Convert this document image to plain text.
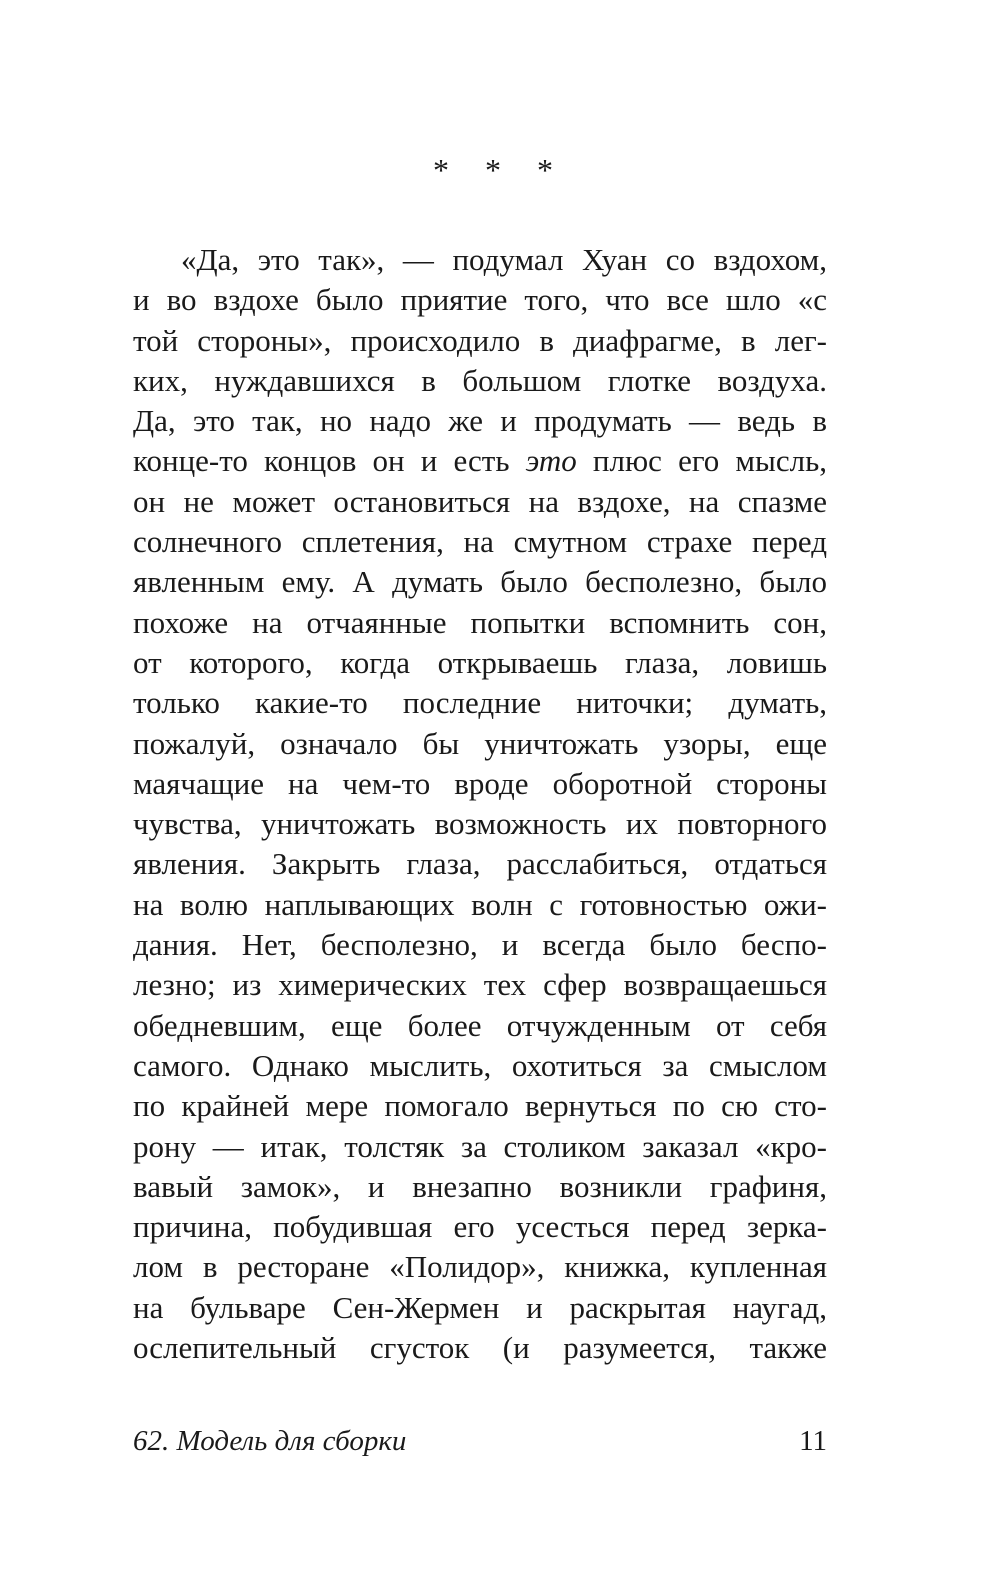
* * *
«Да, это так», — подумал Хуан со вздохом,
и во вздохе было приятие того, что все шло «с
той стороны», происходило в диафрагме, в лег-
ких, нуждавшихся в большом глотке воздуха.
Да, это так, но надо же и продумать — ведь в
конце-то концов он и есть это плюс его мысль,
он не может остановиться на вздохе, на спазме
солнечного сплетения, на смутном страхе перед
явленным ему. А думать было бесполезно, было
похоже на отчаянные попытки вспомнить сон,
от которого, когда открываешь глаза, ловишь
только какие-то последние ниточки; думать,
пожалуй, означало бы уничтожать узоры, еще
маячащие на чем-то вроде оборотной стороны
чувства, уничтожать возможность их повторного
явления. Закрыть глаза, расслабиться, отдаться
на волю наплывающих волн с готовностью ожи-
дания. Нет, бесполезно, и всегда было беспо-
лезно; из химерических тех сфер возвращаешься
обедневшим, еще более отчужденным от себя
самого. Однако мыслить, охотиться за смыслом
по крайней мере помогало вернуться по сю сто-
рону — итак, толстяк за столиком заказал «кро-
вавый замок», и внезапно возникли графиня,
причина, побудившая его усесться перед зерка-
лом в ресторане «Полидор», книжка, купленная
на бульваре Сен-Жермен и раскрытая наугад,
ослепительный сгусток (и разумеется, также
62. Модель для сборки	11
